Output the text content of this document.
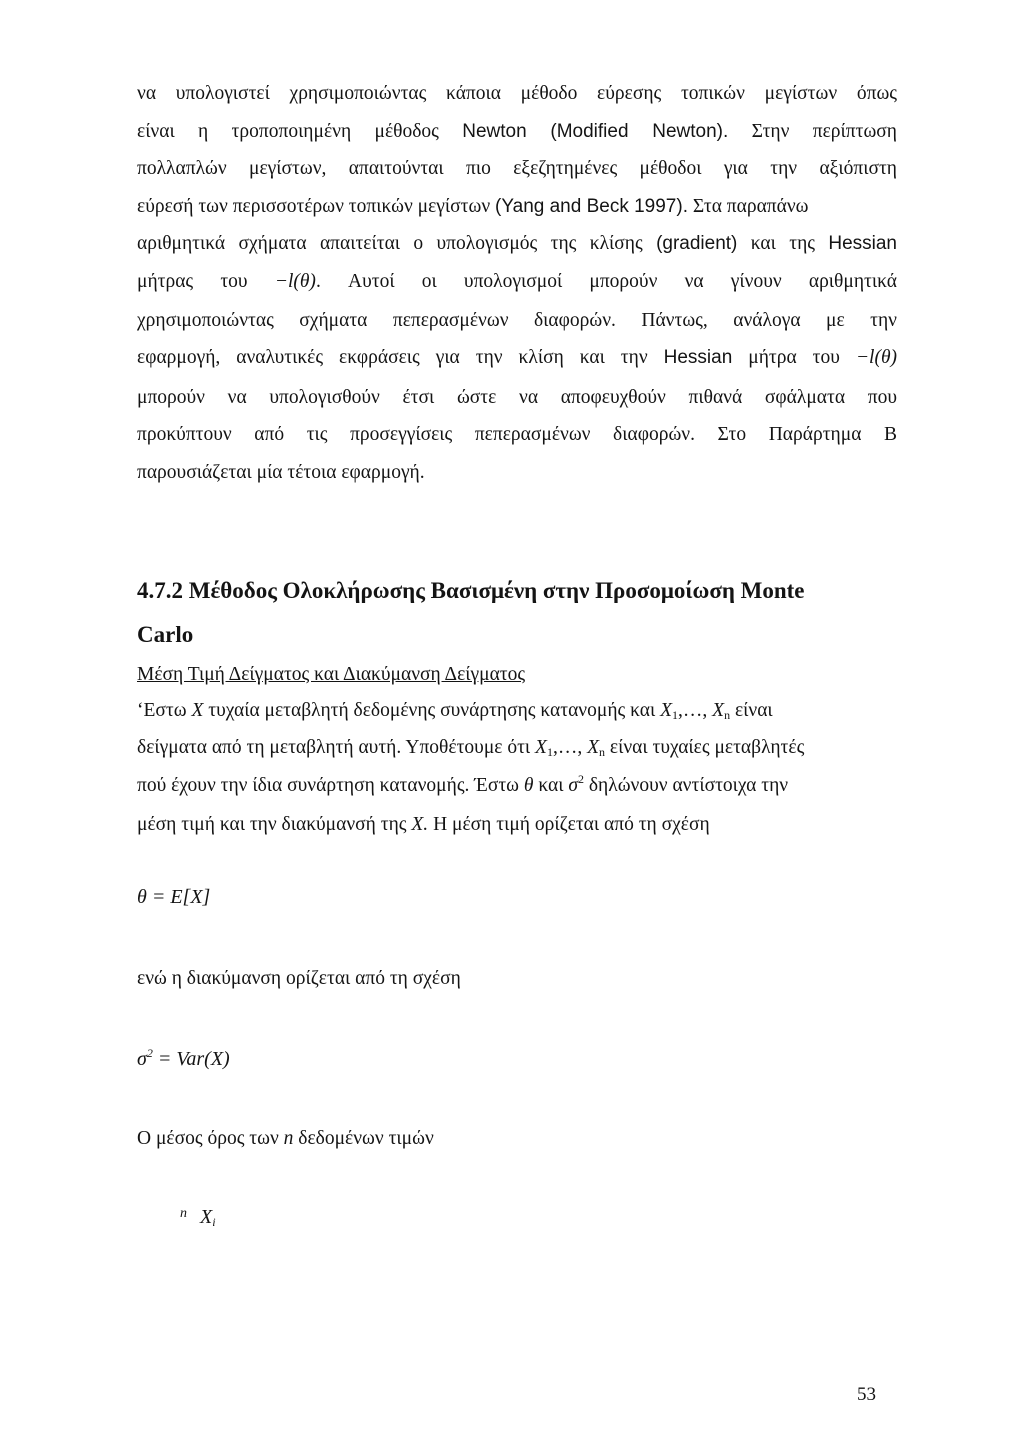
να υπολογιστεί χρησιμοποιώντας κάποια μέθοδο εύρεσης τοπικών μεγίστων όπως
είναι η τροποποιημένη μέθοδος Newton (Modified Newton). Στην περίπτωση
πολλαπλών μεγίστων, απαιτούνται πιο εξεζητημένες μέθοδοι για την αξιόπιστη
εύρεσή των περισσοτέρων τοπικών μεγίστων (Yang and Beck 1997). Στα παραπάνω
αριθμητικά σχήματα απαιτείται ο υπολογισμός της κλίσης (gradient) και της Hessian
μήτρας του −l(θ). Αυτοί οι υπολογισμοί μπορούν να γίνουν αριθμητικά
χρησιμοποιώντας σχήματα πεπερασμένων διαφορών. Πάντως, ανάλογα με την
εφαρμογή, αναλυτικές εκφράσεις για την κλίση και την Hessian μήτρα του −l(θ)
μπορούν να υπολογισθούν έτσι ώστε να αποφευχθούν πιθανά σφάλματα που
προκύπτουν από τις προσεγγίσεις πεπερασμένων διαφορών. Στο Παράρτημα Β
παρουσιάζεται μία τέτοια εφαρμογή.
4.7.2 Μέθοδος Ολοκλήρωσης Βασισμένη στην Προσομοίωση Monte
Carlo
Μέση Τιμή Δείγματος και Διακύμανση Δείγματος
‘Εστω X τυχαία μεταβλητή δεδομένης συνάρτησης κατανομής και $X_1,\dots$, $X_n$ είναι
δείγματα από τη μεταβλητή αυτή. Υποθέτουμε ότι $X_1,\dots$, $X_n$ είναι τυχαίες μεταβλητές
πού έχουν την ίδια συνάρτηση κατανομής. Έστω θ και $\sigma^2$ δηλώνουν αντίστοιχα την
μέση τιμή και την διακύμανσή της X. Η μέση τιμή ορίζεται από τη σχέση
θ = E[X]
ενώ η διακύμανση ορίζεται από τη σχέση
$\sigma^2 = Var(X)$
Ο μέσος όρος των n δεδομένων τιμών
$^n$ $X_i$
53
